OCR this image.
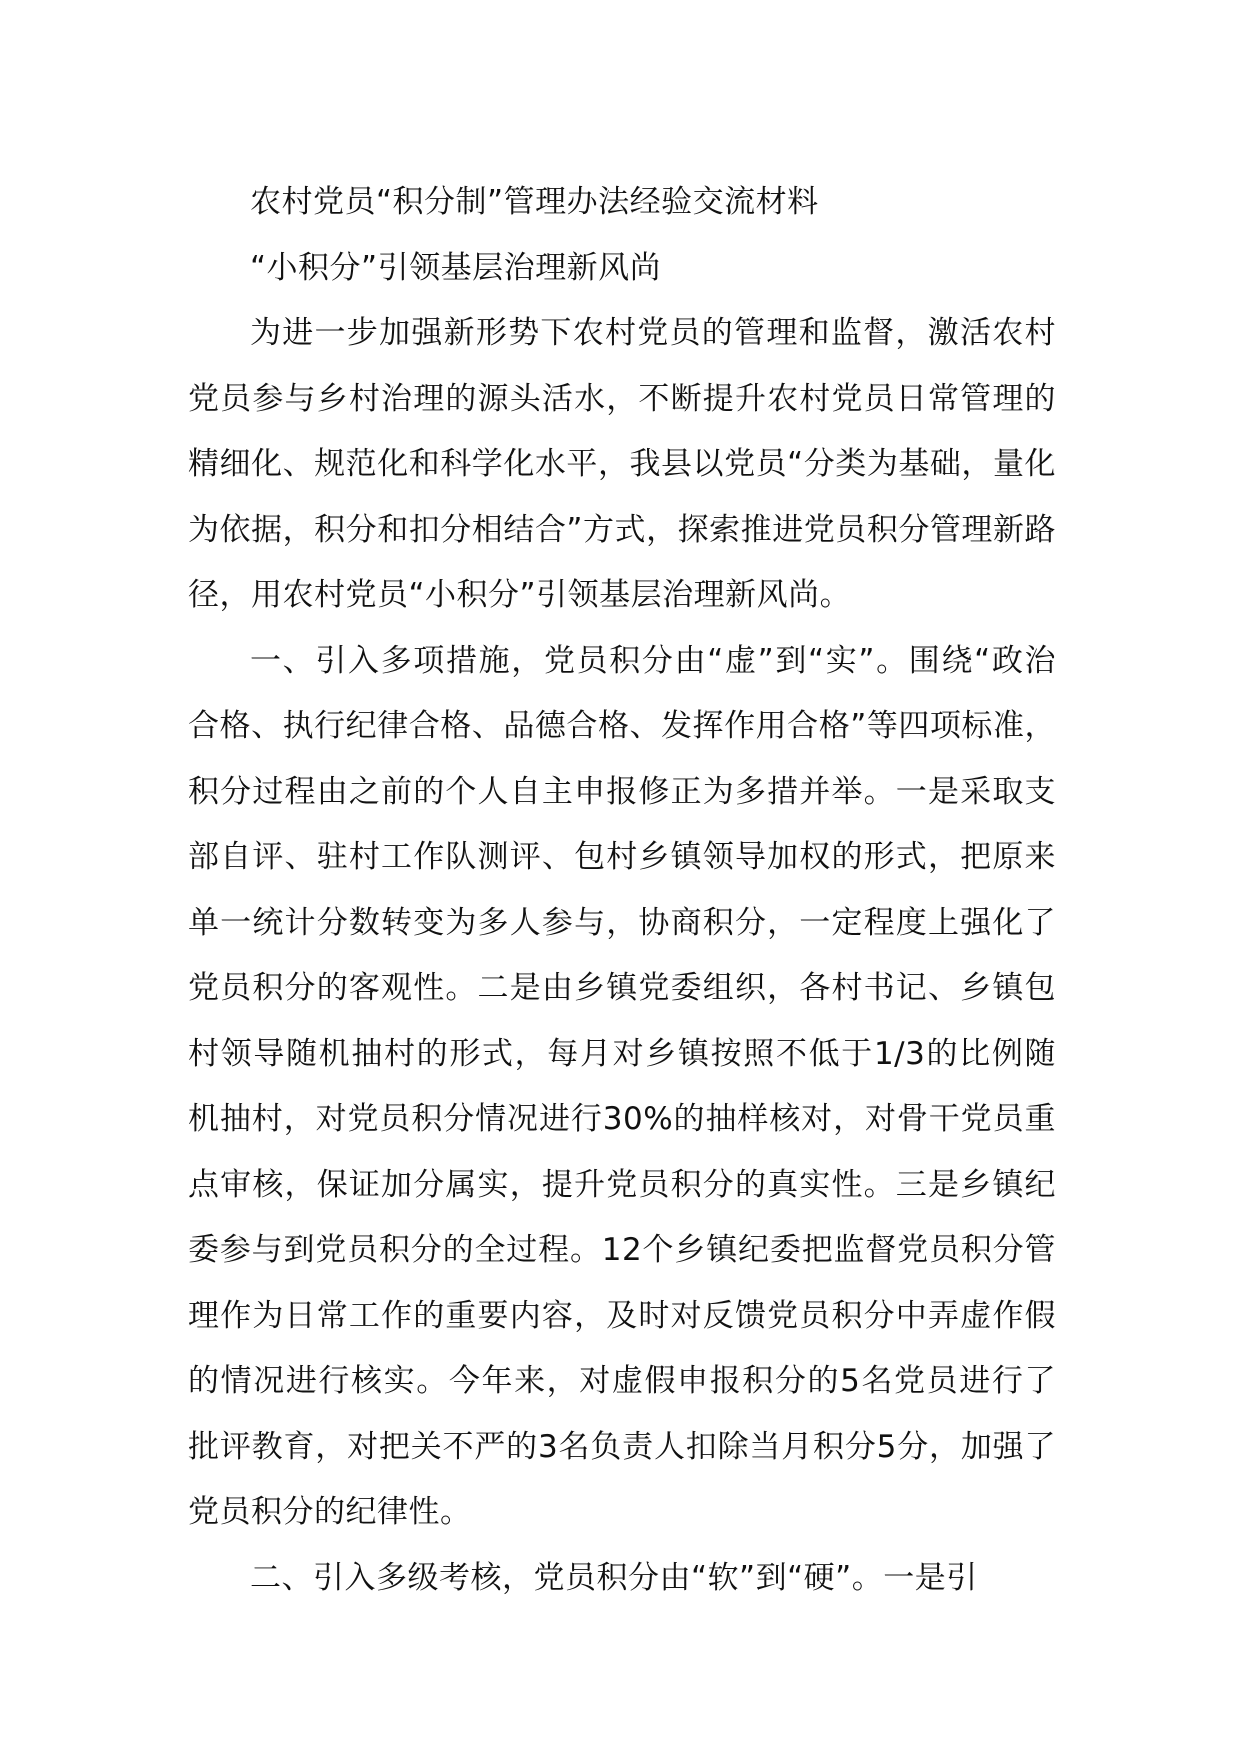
农村党员“积分制”管理办法经验交流材料

“小积分”引领基层治理新风尚

为进一步加强新形势下农村党员的管理和监督，激活农村党员参与乡村治理的源头活水，不断提升农村党员日常管理的精细化、规范化和科学化水平，我县以党员“分类为基础，量化为依据，积分和扣分相结合”方式，探索推进党员积分管理新路径，用农村党员“小积分”引领基层治理新风尚。

一、引入多项措施，党员积分由“虚”到“实”。围绕“政治合格、执行纪律合格、品德合格、发挥作用合格”等四项标准，积分过程由之前的个人自主申报修正为多措并举。一是采取支部自评、驻村工作队测评、包村乡镇领导加权的形式，把原来单一统计分数转变为多人参与，协商积分，一定程度上强化了党员积分的客观性。二是由乡镇党委组织，各村书记、乡镇包村领导随机抽村的形式，每月对乡镇按照不低于1/3的比例随机抽村，对党员积分情况进行30%的抽样核对，对骨干党员重点审核，保证加分属实，提升党员积分的真实性。三是乡镇纪委参与到党员积分的全过程。12个乡镇纪委把监督党员积分管理作为日常工作的重要内容，及时对反馈党员积分中弄虚作假的情况进行核实。今年来，对虚假申报积分的5名党员进行了批评教育，对把关不严的3名负责人扣除当月积分5分，加强了党员积分的纪律性。

二、引入多级考核，党员积分由“软”到“硬”。一是引
